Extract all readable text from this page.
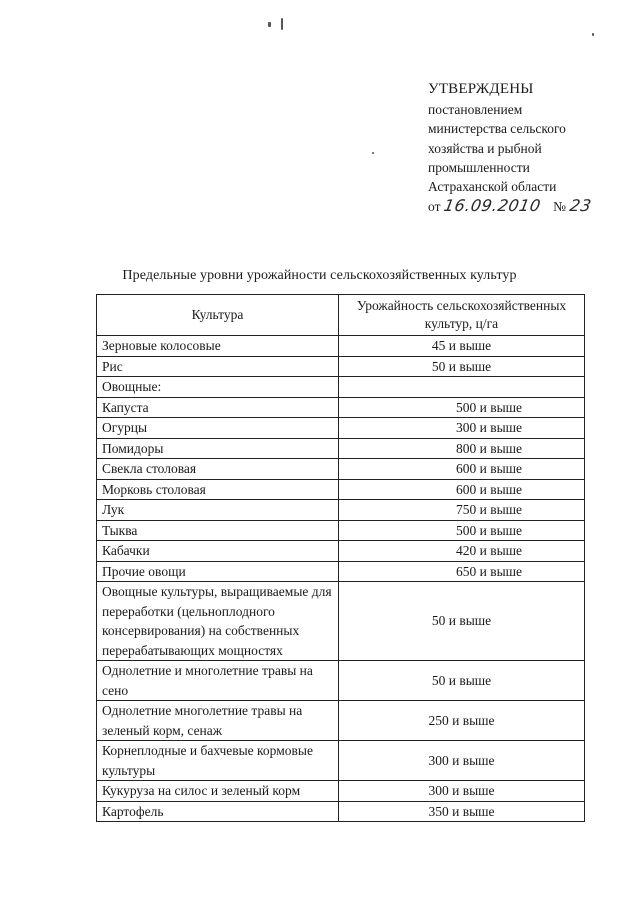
УТВЕРЖДЕНЫ
постановлением
министерства сельского
хозяйства и рыбной
промышленности
Астраханской области
от 16.09.2010 № 23
Предельные уровни урожайности сельскохозяйственных культур
Культура	Урожайность сельскохозяйственных культур, ц/га
Зерновые колосовые	45 и выше
Рис	50 и выше
Овощные:	
Капуста	500 и выше
Огурцы	300 и выше
Помидоры	800 и выше
Свекла столовая	600 и выше
Морковь столовая	600 и выше
Лук	750 и выше
Тыква	500 и выше
Кабачки	420 и выше
Прочие овощи	650 и выше
Овощные культуры, выращиваемые для переработки (цельноплодного консервирования) на собственных перерабатывающих мощностях	50 и выше
Однолетние и многолетние травы на сено	50 и выше
Однолетние многолетние травы на зеленый корм, сенаж	250 и выше
Корнеплодные и бахчевые кормовые культуры	300 и выше
Кукуруза на силос и зеленый корм	300 и выше
Картофель	350 и выше
